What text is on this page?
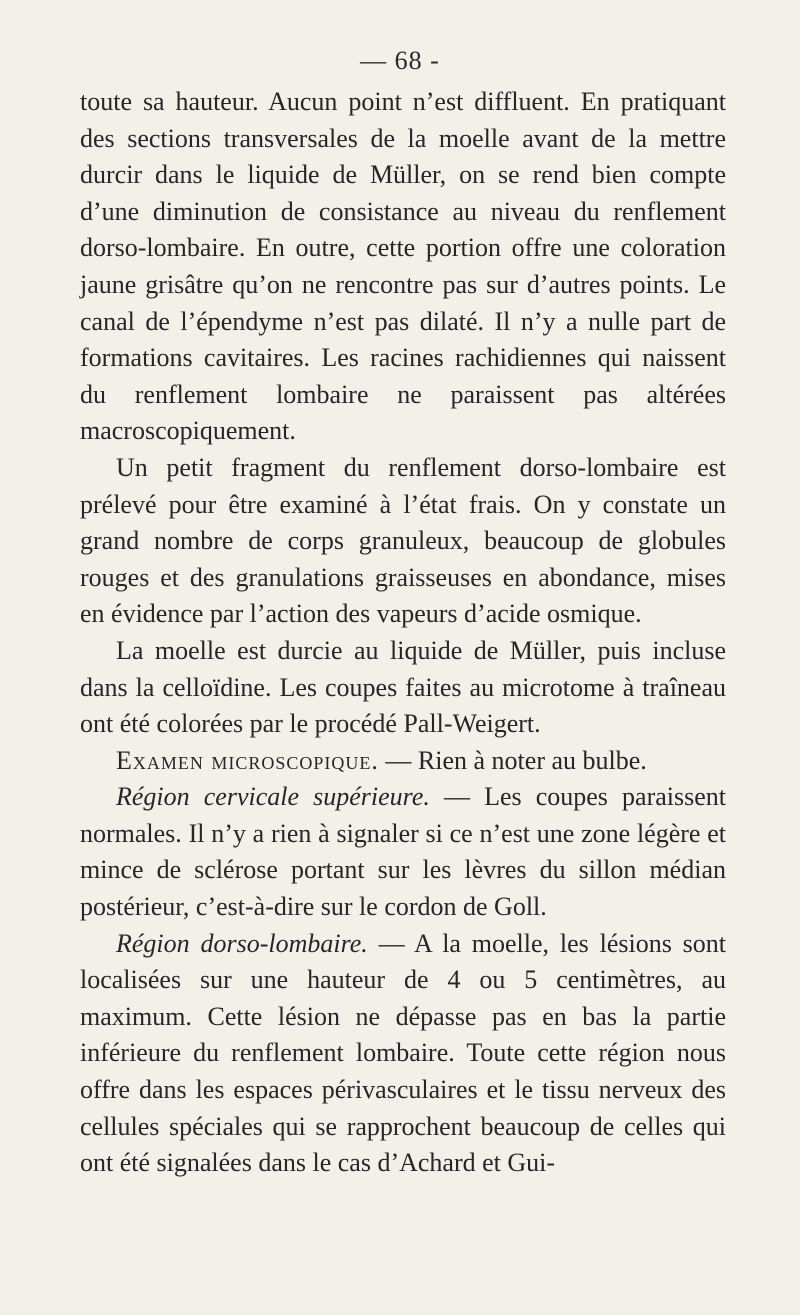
— 68 -

toute sa hauteur. Aucun point n’est diffluent. En pratiquant des sections transversales de la moelle avant de la mettre durcir dans le liquide de Müller, on se rend bien compte d’une diminution de consistance au niveau du renflement dorso-lombaire. En outre, cette portion offre une coloration jaune grisâtre qu’on ne rencontre pas sur d’autres points. Le canal de l’épendyme n’est pas dilaté. Il n’y a nulle part de formations cavitaires. Les racines rachidiennes qui naissent du renflement lombaire ne paraissent pas altérées macroscopiquement.

Un petit fragment du renflement dorso-lombaire est prélevé pour être examiné à l’état frais. On y constate un grand nombre de corps granuleux, beaucoup de globules rouges et des granulations graisseuses en abondance, mises en évidence par l’action des vapeurs d’acide osmique.

La moelle est durcie au liquide de Müller, puis incluse dans la celloïdine. Les coupes faites au microtome à traîneau ont été colorées par le procédé Pall-Weigert.

Examen microscopique. — Rien à noter au bulbe.

Région cervicale supérieure. — Les coupes paraissent normales. Il n’y a rien à signaler si ce n’est une zone légère et mince de sclérose portant sur les lèvres du sillon médian postérieur, c’est-à-dire sur le cordon de Goll.

Région dorso-lombaire. — A la moelle, les lésions sont localisées sur une hauteur de 4 ou 5 centimètres, au maximum. Cette lésion ne dépasse pas en bas la partie inférieure du renflement lombaire. Toute cette région nous offre dans les espaces périvasculaires et le tissu nerveux des cellules spéciales qui se rapprochent beaucoup de celles qui ont été signalées dans le cas d’Achard et Gui-
